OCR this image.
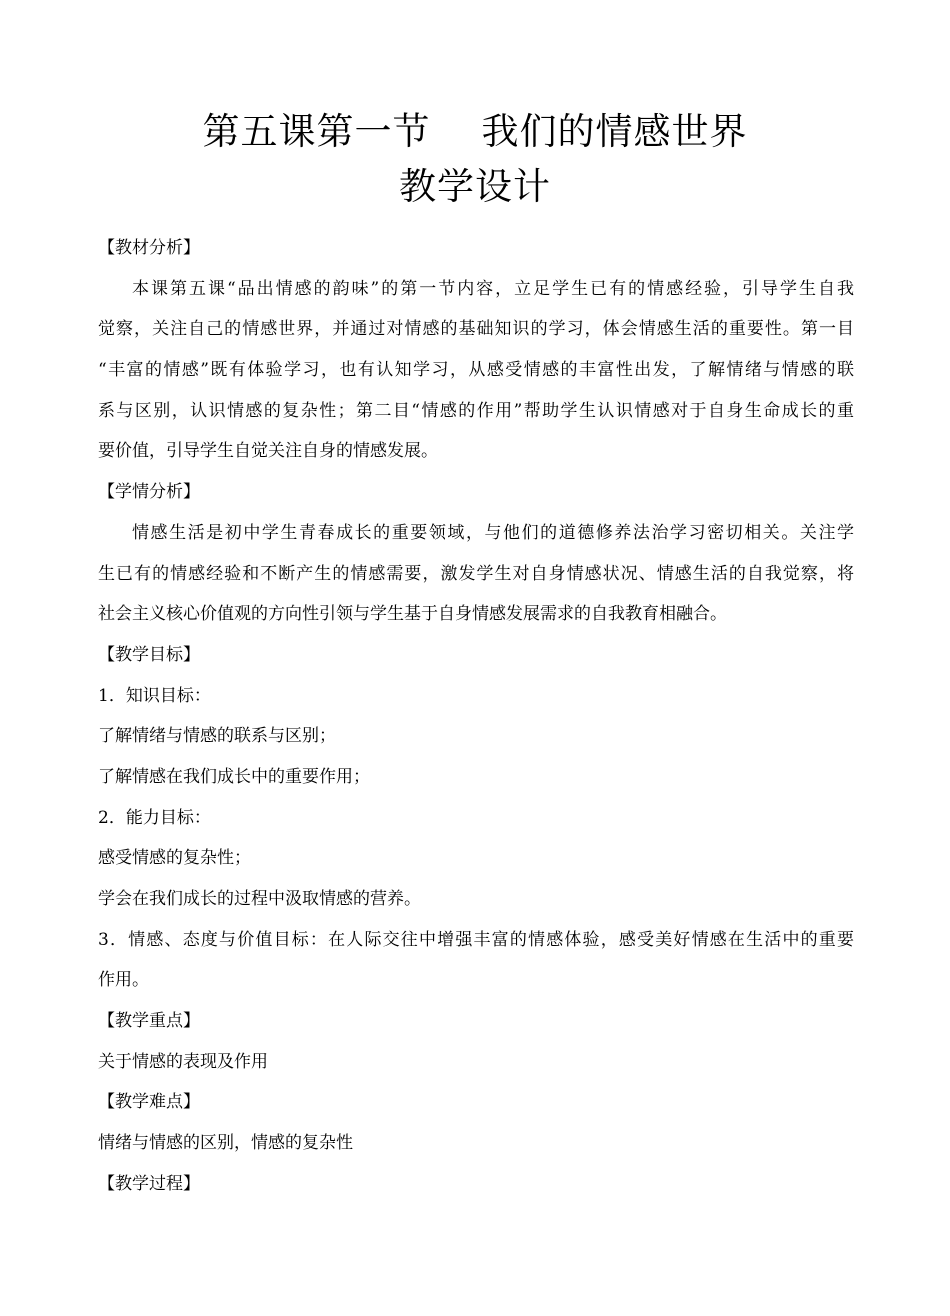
第五课第一节    我们的情感世界
教学设计
【教材分析】
本课第五课“品出情感的韵味”的第一节内容，立足学生已有的情感经验，引导学生自我
觉察，关注自己的情感世界，并通过对情感的基础知识的学习，体会情感生活的重要性。第一目
“丰富的情感”既有体验学习，也有认知学习，从感受情感的丰富性出发，了解情绪与情感的联
系与区别，认识情感的复杂性；第二目“情感的作用”帮助学生认识情感对于自身生命成长的重
要价值，引导学生自觉关注自身的情感发展。
【学情分析】
情感生活是初中学生青春成长的重要领域，与他们的道德修养法治学习密切相关。关注学
生已有的情感经验和不断产生的情感需要，激发学生对自身情感状况、情感生活的自我觉察，将
社会主义核心价值观的方向性引领与学生基于自身情感发展需求的自我教育相融合。
【教学目标】
1．知识目标：
了解情绪与情感的联系与区别；
了解情感在我们成长中的重要作用；
2．能力目标：
感受情感的复杂性；
学会在我们成长的过程中汲取情感的营养。
3．情感、态度与价值目标：在人际交往中增强丰富的情感体验，感受美好情感在生活中的重要
作用。
【教学重点】
关于情感的表现及作用
【教学难点】
情绪与情感的区别，情感的复杂性
【教学过程】
